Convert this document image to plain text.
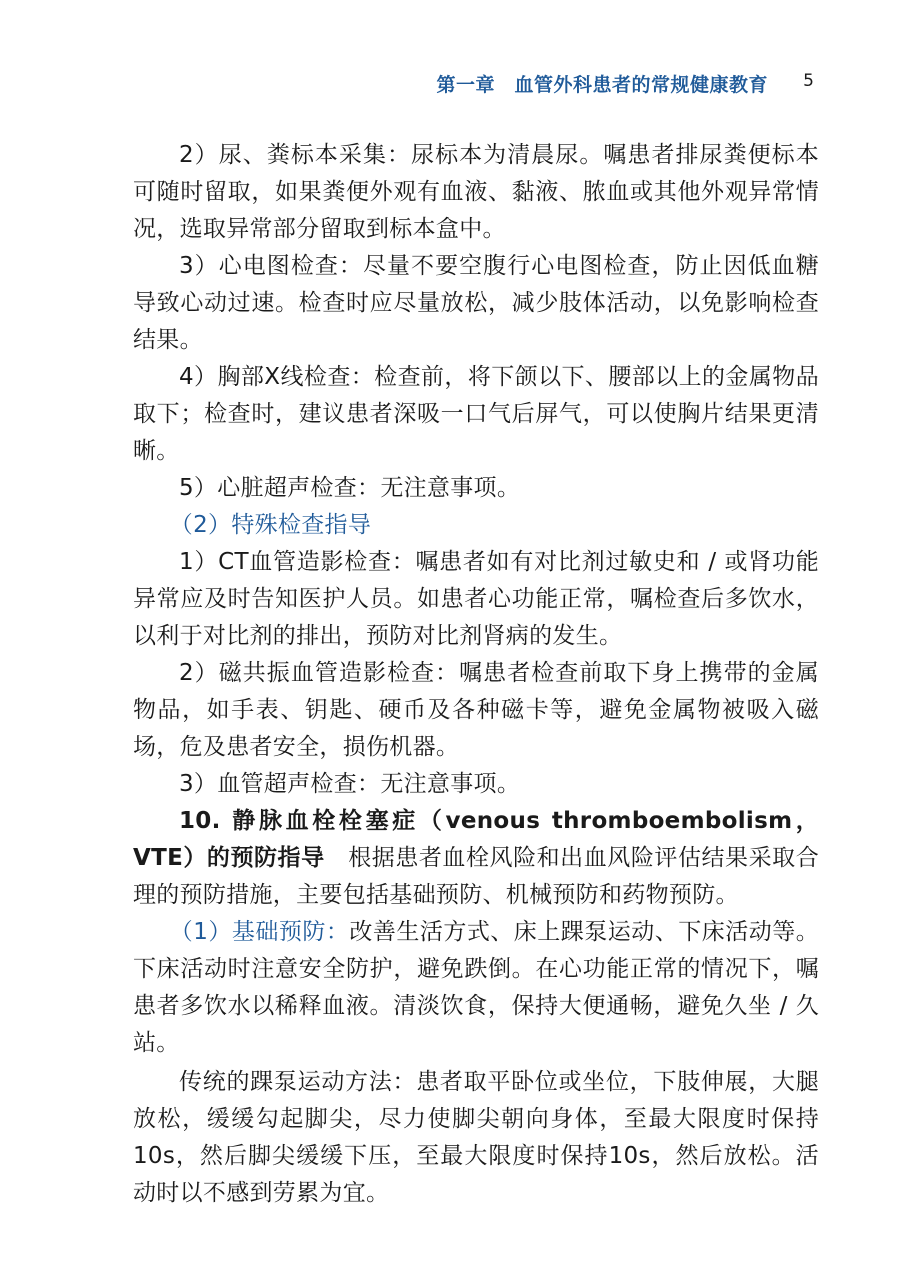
第一章　血管外科患者的常规健康教育 5

2）尿、粪标本采集：尿标本为清晨尿。嘱患者排尿粪便标本可随时留取，如果粪便外观有血液、黏液、脓血或其他外观异常情况，选取异常部分留取到标本盒中。

3）心电图检查：尽量不要空腹行心电图检查，防止因低血糖导致心动过速。检查时应尽量放松，减少肢体活动，以免影响检查结果。

4）胸部X线检查：检查前，将下颌以下、腰部以上的金属物品取下；检查时，建议患者深吸一口气后屏气，可以使胸片结果更清晰。

5）心脏超声检查：无注意事项。

（2）特殊检查指导

1）CT血管造影检查：嘱患者如有对比剂过敏史和 / 或肾功能异常应及时告知医护人员。如患者心功能正常，嘱检查后多饮水，以利于对比剂的排出，预防对比剂肾病的发生。

2）磁共振血管造影检查：嘱患者检查前取下身上携带的金属物品，如手表、钥匙、硬币及各种磁卡等，避免金属物被吸入磁场，危及患者安全，损伤机器。

3）血管超声检查：无注意事项。

10. 静脉血栓栓塞症（venous thromboembolism，VTE）的预防指导　根据患者血栓风险和出血风险评估结果采取合理的预防措施，主要包括基础预防、机械预防和药物预防。

（1）基础预防：改善生活方式、床上踝泵运动、下床活动等。下床活动时注意安全防护，避免跌倒。在心功能正常的情况下，嘱患者多饮水以稀释血液。清淡饮食，保持大便通畅，避免久坐 / 久站。

传统的踝泵运动方法：患者取平卧位或坐位，下肢伸展，大腿放松，缓缓勾起脚尖，尽力使脚尖朝向身体，至最大限度时保持10s，然后脚尖缓缓下压，至最大限度时保持10s，然后放松。活动时以不感到劳累为宜。
